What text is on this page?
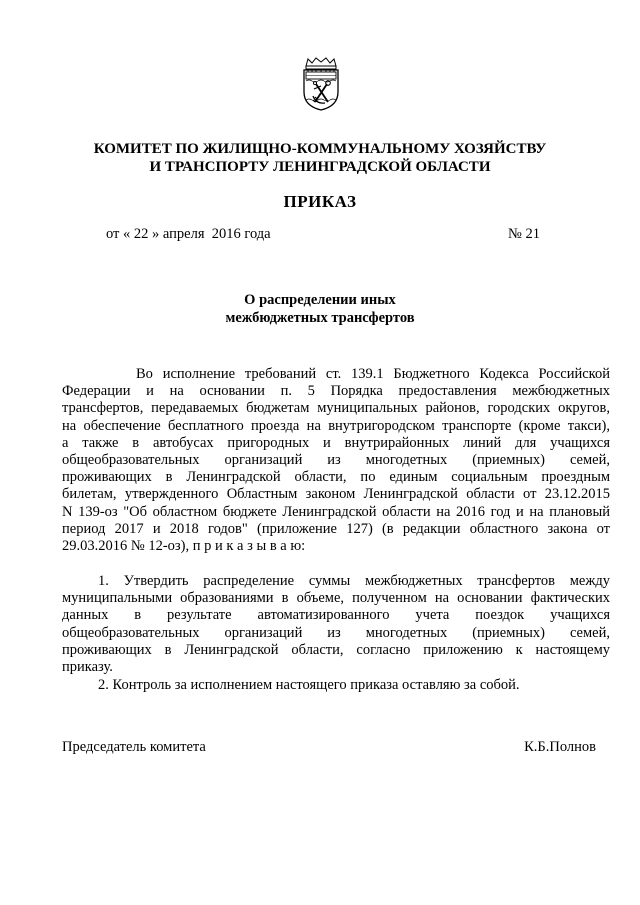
КОМИТЕТ ПО ЖИЛИЩНО-КОММУНАЛЬНОМУ ХОЗЯЙСТВУ
И ТРАНСПОРТУ ЛЕНИНГРАДСКОЙ ОБЛАСТИ
ПРИКАЗ
от « 22 » апреля  2016 года	№ 21
О распределении иных
межбюджетных трансфертов
Во исполнение требований ст. 139.1 Бюджетного Кодекса Российской
Федерации и на основании п. 5 Порядка предоставления межбюджетных
трансфертов, передаваемых бюджетам муниципальных районов, городских округов,
на обеспечение бесплатного проезда на внутригородском транспорте (кроме такси),
а также в автобусах пригородных и внутрирайонных линий для учащихся
общеобразовательных организаций из многодетных (приемных) семей,
проживающих в Ленинградской области, по единым социальным проездным
билетам, утвержденного Областным законом Ленинградской области от 23.12.2015
N 139-оз "Об областном бюджете Ленинградской области на 2016 год и на плановый
период 2017 и 2018 годов" (приложение 127) (в редакции областного закона от
29.03.2016 № 12-оз), п р и к а з ы в а ю:
1. Утвердить распределение суммы межбюджетных трансфертов между
муниципальными образованиями в объеме, полученном на основании фактических
данных в результате автоматизированного учета поездок учащихся
общеобразовательных организаций из многодетных (приемных) семей,
проживающих в Ленинградской области, согласно приложению к настоящему
приказу.
2. Контроль за исполнением настоящего приказа оставляю за собой.
Председатель комитета	К.Б.Полнов
